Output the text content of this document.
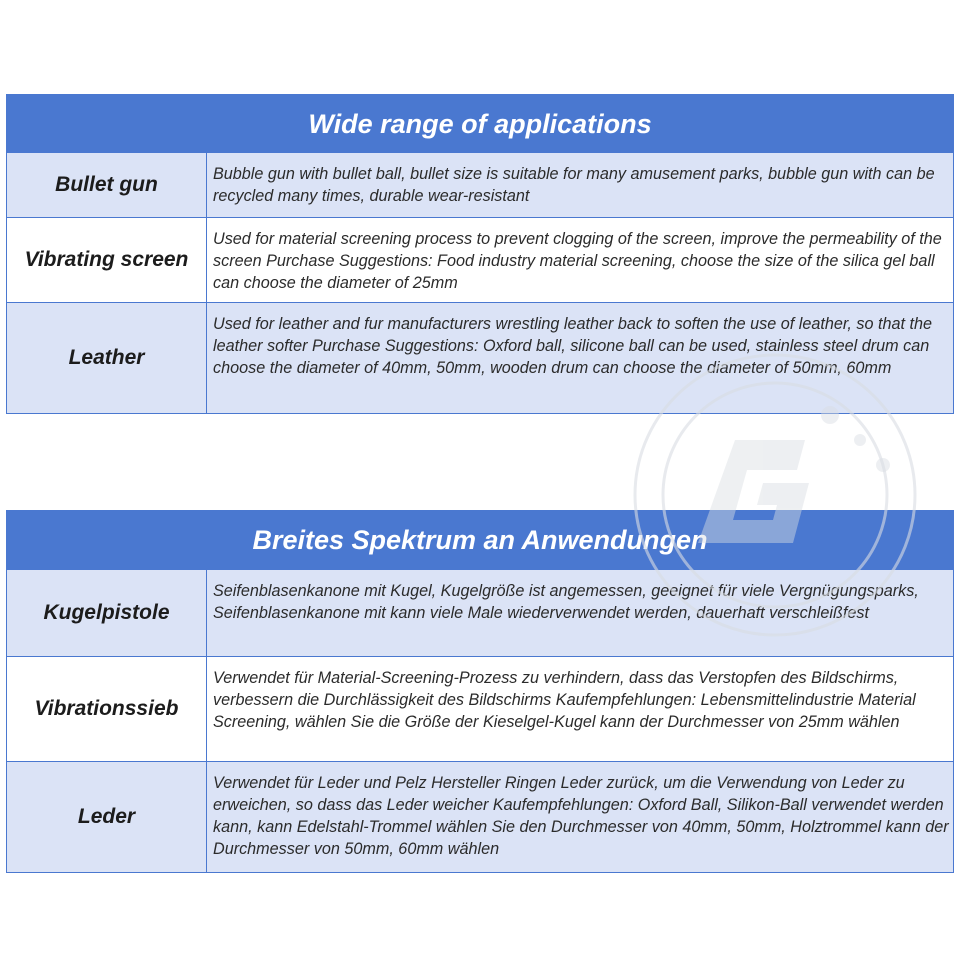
Wide range of applications
Bullet gun	Bubble gun with bullet ball, bullet size is suitable for many amusement parks, bubble gun with can be recycled many times, durable wear-resistant
Vibrating screen
Used for material screening process to prevent clogging of the screen, improve the permeability of the screen Purchase Suggestions: Food industry material screening, choose the size of the silica gel ball can choose the diameter of 25mm
Leather
Used for leather and fur manufacturers wrestling leather back to soften the use of leather, so that the leather softer Purchase Suggestions: Oxford ball, silicone ball can be used, stainless steel drum can choose the diameter of 40mm, 50mm, wooden drum can choose the diameter of 50mm, 60mm
Breites Spektrum an Anwendungen
Kugelpistole
Seifenblasenkanone mit Kugel, Kugelgröße ist angemessen, geeignet für viele Vergnügungsparks, Seifenblasenkanone mit kann viele Male wiederverwendet werden, dauerhaft verschleißfest
Vibrationssieb
Verwendet für Material-Screening-Prozess zu verhindern, dass das Verstopfen des Bildschirms, verbessern die Durchlässigkeit des Bildschirms Kaufempfehlungen: Lebensmittelindustrie Material Screening, wählen Sie die Größe der Kieselgel-Kugel kann der Durchmesser von 25mm wählen
Leder
Verwendet für Leder und Pelz Hersteller Ringen Leder zurück, um die Verwendung von Leder zu erweichen, so dass das Leder weicher Kaufempfehlungen: Oxford Ball, Silikon-Ball verwendet werden kann, kann Edelstahl-Trommel wählen Sie den Durchmesser von 40mm, 50mm, Holztrommel kann der Durchmesser von 50mm, 60mm wählen
